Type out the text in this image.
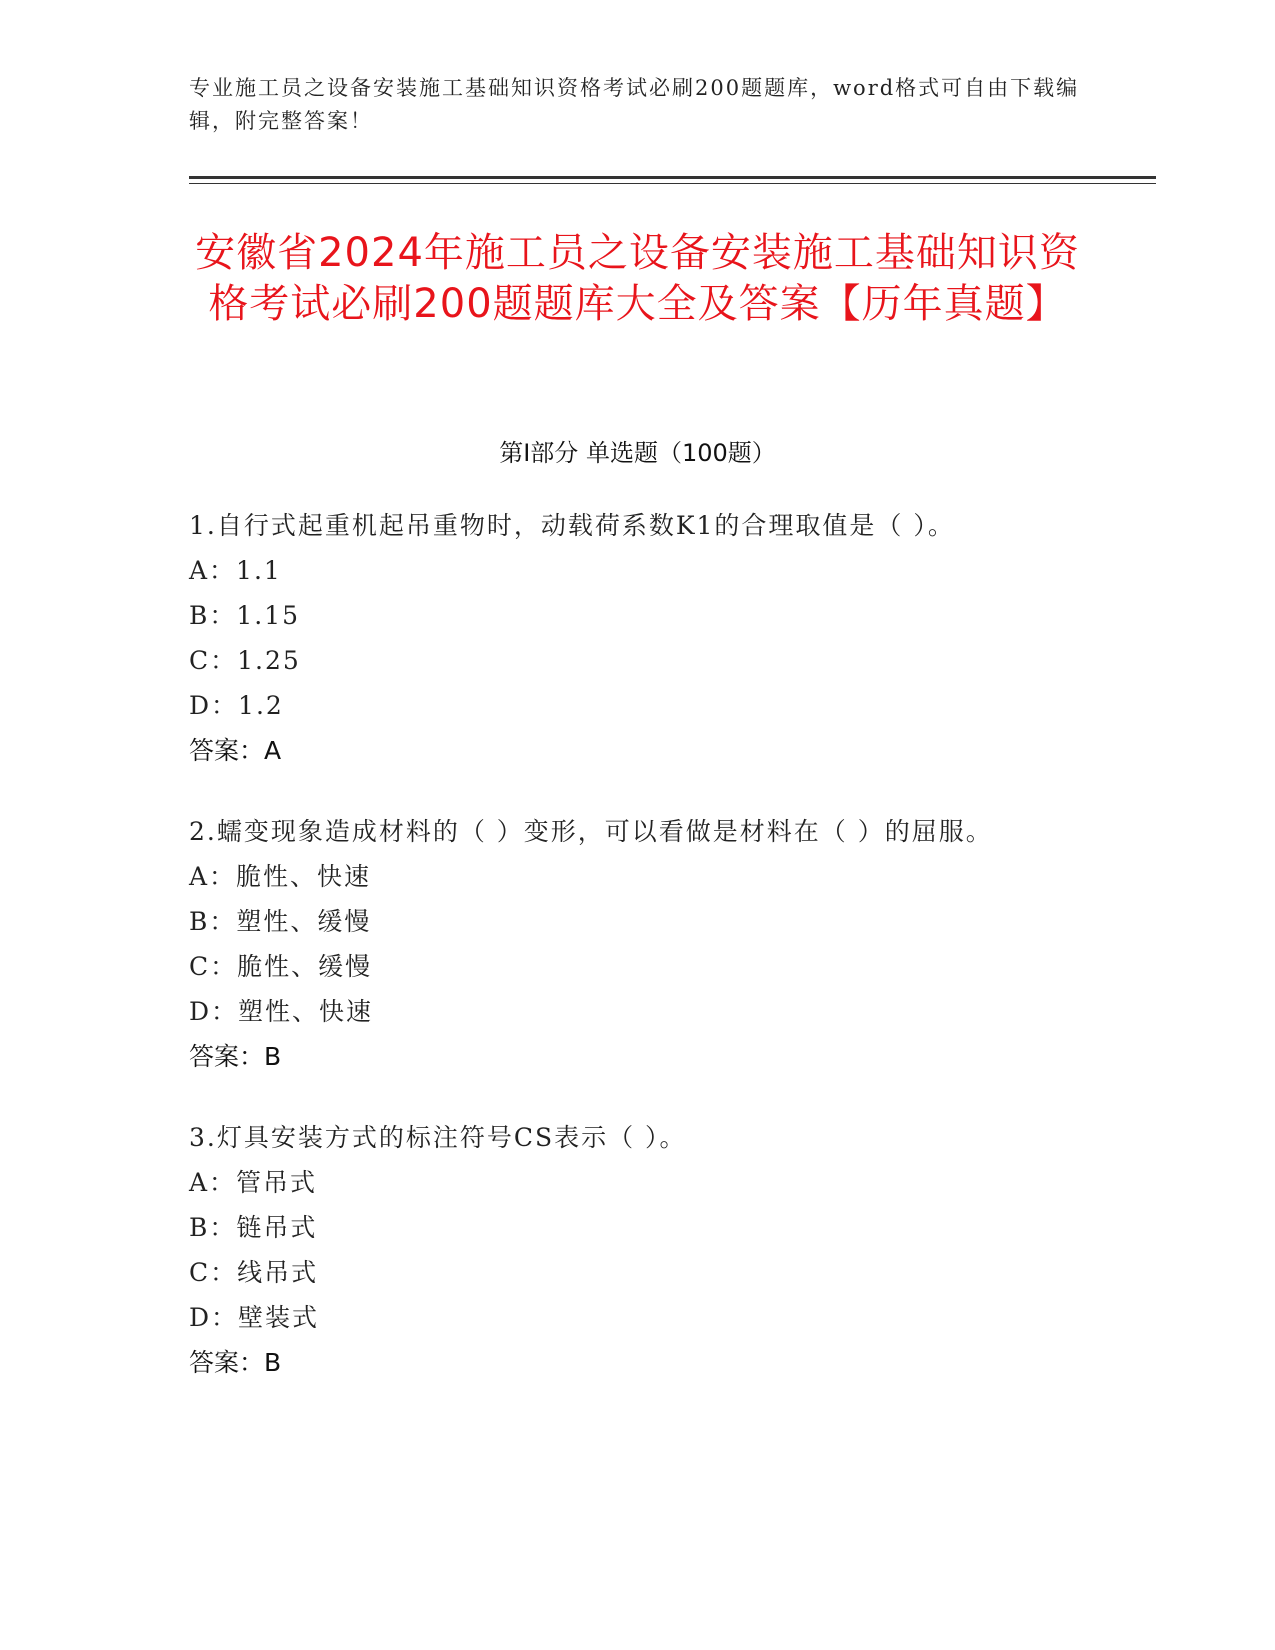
专业施工员之设备安装施工基础知识资格考试必刷200题题库，word格式可自由下载编辑，附完整答案！
安徽省2024年施工员之设备安装施工基础知识资格考试必刷200题题库大全及答案【历年真题】
第Ⅰ部分 单选题（100题）
1.自行式起重机起吊重物时，动载荷系数K1的合理取值是（ ）。
A：1.1
B：1.15
C：1.25
D：1.2
答案：A
2.蠕变现象造成材料的（ ）变形，可以看做是材料在（ ）的屈服。
A：脆性、快速
B：塑性、缓慢
C：脆性、缓慢
D：塑性、快速
答案：B
3.灯具安装方式的标注符号CS表示（ ）。
A：管吊式
B：链吊式
C：线吊式
D：壁装式
答案：B
